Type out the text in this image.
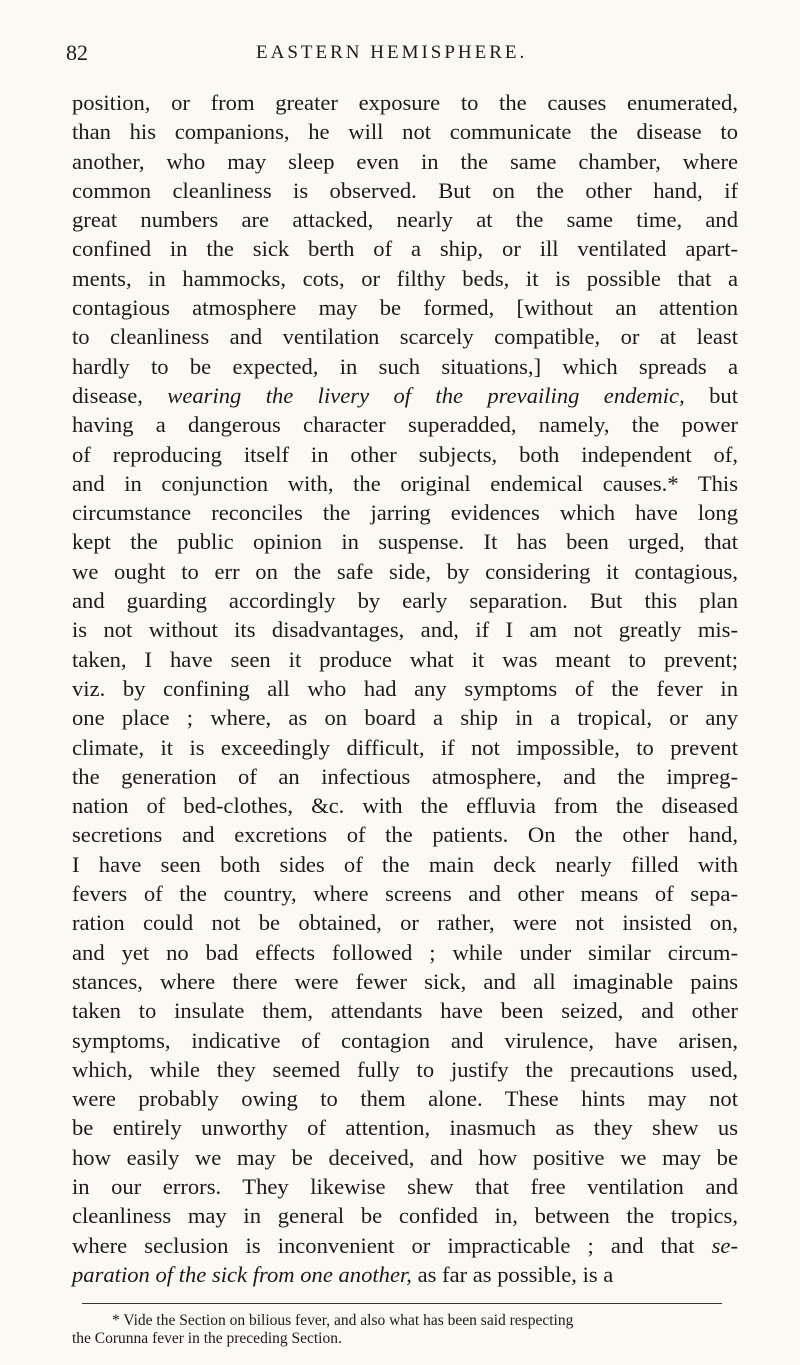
82	EASTERN HEMISPHERE.
position, or from greater exposure to the causes enumerated,
than his companions, he will not communicate the disease to
another, who may sleep even in the same chamber, where
common cleanliness is observed. But on the other hand, if
great numbers are attacked, nearly at the same time, and
confined in the sick berth of a ship, or ill ventilated apart-
ments, in hammocks, cots, or filthy beds, it is possible that a
contagious atmosphere may be formed, [without an attention
to cleanliness and ventilation scarcely compatible, or at least
hardly to be expected, in such situations,] which spreads a
disease, wearing the livery of the prevailing endemic, but
having a dangerous character superadded, namely, the power
of reproducing itself in other subjects, both independent of,
and in conjunction with, the original endemical causes.* This
circumstance reconciles the jarring evidences which have long
kept the public opinion in suspense. It has been urged, that
we ought to err on the safe side, by considering it contagious,
and guarding accordingly by early separation. But this plan
is not without its disadvantages, and, if I am not greatly mis-
taken, I have seen it produce what it was meant to prevent;
viz. by confining all who had any symptoms of the fever in
one place ; where, as on board a ship in a tropical, or any
climate, it is exceedingly difficult, if not impossible, to prevent
the generation of an infectious atmosphere, and the impreg-
nation of bed-clothes, &c. with the effluvia from the diseased
secretions and excretions of the patients. On the other hand,
I have seen both sides of the main deck nearly filled with
fevers of the country, where screens and other means of sepa-
ration could not be obtained, or rather, were not insisted on,
and yet no bad effects followed ; while under similar circum-
stances, where there were fewer sick, and all imaginable pains
taken to insulate them, attendants have been seized, and other
symptoms, indicative of contagion and virulence, have arisen,
which, while they seemed fully to justify the precautions used,
were probably owing to them alone. These hints may not
be entirely unworthy of attention, inasmuch as they shew us
how easily we may be deceived, and how positive we may be
in our errors. They likewise shew that free ventilation and
cleanliness may in general be confided in, between the tropics,
where seclusion is inconvenient or impracticable ; and that se-
paration of the sick from one another, as far as possible, is a
* Vide the Section on bilious fever, and also what has been said respecting
the Corunna fever in the preceding Section.
